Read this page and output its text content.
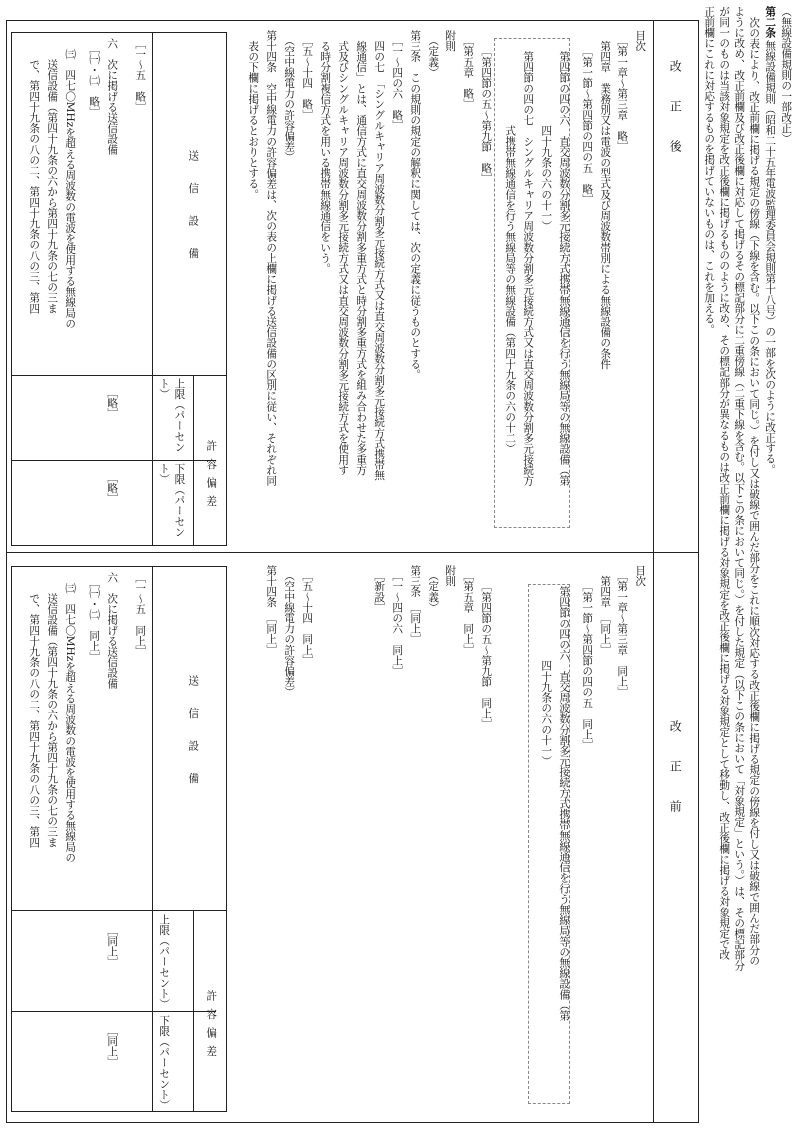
（無線設備規則の一部改正）
第二条
無線設備規則（昭和二十五年電波監理委員会規則第十八号）の一部を次のように改正する。
次の表により、改正前欄に掲げる規定の傍線（下線を含む。以下この条において同じ。）を付し又は破線で囲んだ部分をこれに順次対応する改正後欄に掲げる規定の傍線を付し又は破線で囲んだ部分の
ように改め、改正前欄及び改正後欄に対応して掲げるその標記部分に二重傍線（二重下線を含む。以下この条において同じ。）を付した規定（以下この条において「対象規定」という。）は、その標記部分
が同一のものは当該対象規定を改正後欄に掲げるもののように改め、その標記部分が異なるものは改正前欄に掲げる対象規定を改正後欄に掲げる対象規定として移動し、改正後欄に掲げる対象規定で改
正前欄にこれに対応するものを掲げていないものは、これを加える。
改正後
目次
　［第一章～第三章　略］
　第四章　業務別又は電波の型式及び周波数帯別による無線設備の条件
　　［第一節～第四節の四の五　略］
　　第四節の四の六　直交周波数分割多元接続方式携帯無線通信を行う無線局等の無線設備（第
　　　　　　　　　四十九条の六の十一）
　　第四節の四の七　シングルキャリア周波数分割多元接続方式又は直交周波数分割多元接続方
　　　　　　　　　式携帯無線通信を行う無線局等の無線設備（第四十九条の六の十二）
　　［第四節の五～第九節　略］
　［第五章　略］
附則
　（定義）
第三条　この規則の規定の解釈に関しては、次の定義に従うものとする。
　［一～四の六　略］
　四の七　「シングルキャリア周波数分割多元接続方式又は直交周波数分割多元接続方式携帯無
　線通信」とは、通信方式に直交周波数分割多重方式と時分割多重方式を組み合わせた多重方
　式及びシングルキャリア周波数分割多元接続方式又は直交周波数分割多元接続方式を使用す
　る時分割複信方式を用いる携帯無線通信をいう。
　［五～十四　略］
　（空中線電力の許容偏差）
第十四条　空中線電力の許容偏差は、次の表の上欄に掲げる送信設備の区別に従い、それぞれ同
　表の下欄に掲げるとおりとする。
送信設備
許容偏差
上限（パーセント）
下限（パーセント）
［一～五　略］
六　次に掲げる送信設備
　［㈠・㈡　略］
　㈢　四七〇MHzを超える周波数の電波を使用する無線局の
　　送信設備（第四十九条の六から第四十九条の七の三ま
　　で、第四十九条の八の二、第四十九条の八の三、第四
［略］
［略］
改正前
目次
　［第一章～第三章　同上］
　第四章　［同上］
　　［第一節～第四節の四の五　同上］
　　第四節の四の六　直交周波数分割多元接続方式携帯無線通信を行う無線局等の無線設備（第
　　　　　　　　　四十九条の六の十一）
　　［第四節の五～第九節　同上］
　［第五章　同上］
附則
　（定義）
第三条　［同上］
　［一～四の六　同上］
　［新設］
　［五～十四　同上］
　（空中線電力の許容偏差）
第十四条　［同上］
送信設備
許容偏差
上限（パーセント）
下限（パーセント）
［一～五　同上］
六　次に掲げる送信設備
　［㈠・㈡　同上］
　㈢　四七〇MHzを超える周波数の電波を使用する無線局の
　　送信設備（第四十九条の六から第四十九条の七の三ま
　　で、第四十九条の八の二、第四十九条の八の三、第四
［同上］
［同上］
